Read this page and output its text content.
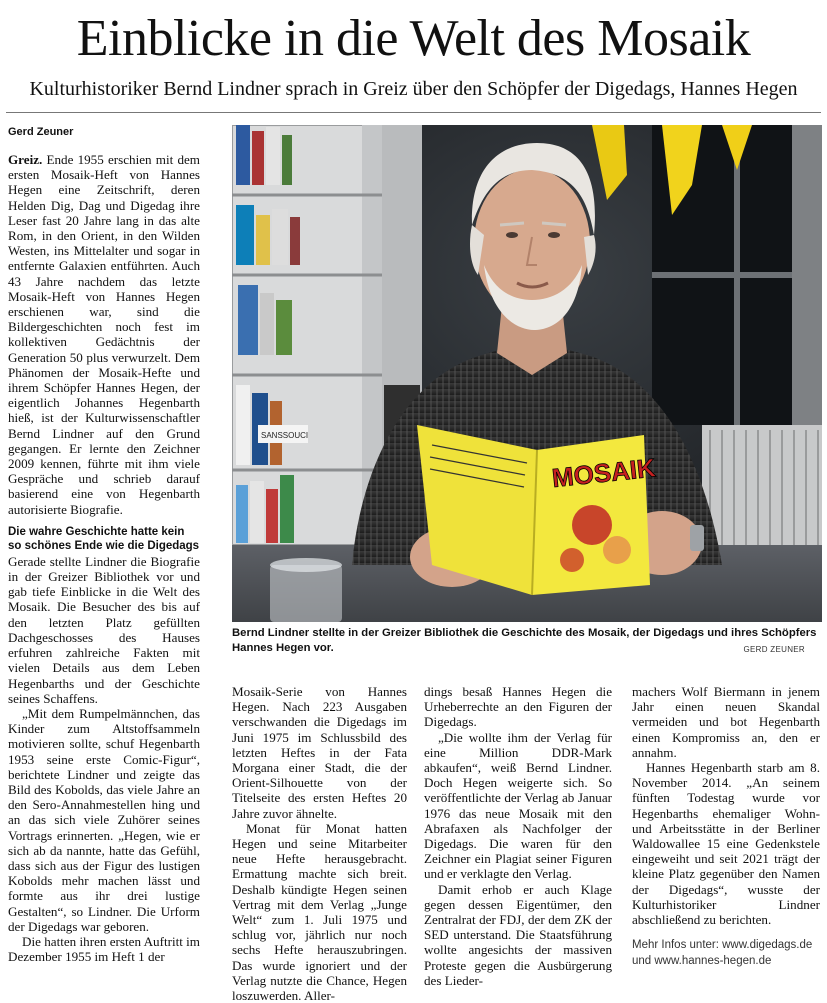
Einblicke in die Welt des Mosaik
Kulturhistoriker Bernd Lindner sprach in Greiz über den Schöpfer der Digedags, Hannes Hegen
Gerd Zeuner

Greiz. Ende 1955 erschien mit dem ersten Mosaik-Heft von Hannes Hegen eine Zeitschrift, deren Helden Dig, Dag und Digedag ihre Leser fast 20 Jahre lang in das alte Rom, in den Orient, in den Wilden Westen, ins Mittelalter und sogar in entfernte Galaxien entführten. Auch 43 Jahre nachdem das letzte Mosaik-Heft von Hannes Hegen erschienen war, sind die Bildergeschichten noch fest im kollektiven Gedächtnis der Generation 50 plus verwurzelt. Dem Phänomen der Mosaik-Hefte und ihrem Schöpfer Hannes Hegen, der eigentlich Johannes Hegenbarth hieß, ist der Kulturwissenschaftler Bernd Lindner auf den Grund gegangen. Er lernte den Zeichner 2009 kennen, führte mit ihm viele Gespräche und schrieb darauf basierend eine von Hegenbarth autorisierte Biografie.

Die wahre Geschichte hatte kein so schönes Ende wie die Digedags

Gerade stellte Lindner die Biografie in der Greizer Bibliothek vor und gab tiefe Einblicke in die Welt des Mosaik. Die Besucher des bis auf den letzten Platz gefüllten Dachgeschosses des Hauses erfuhren zahlreiche Fakten mit vielen Details aus dem Leben Hegenbarths und der Geschichte seines Schaffens.

„Mit dem Rumpelmännchen, das Kinder zum Altstoffsammeln motivieren sollte, schuf Hegenbarth 1953 seine erste Comic-Figur“, berichtete Lindner und zeigte das Bild des Kobolds, das viele Jahre an den Sero-Annahmestellen hing und an das sich viele Zuhörer seines Vortrags erinnerten. „Hegen, wie er sich ab da nannte, hatte das Gefühl, dass sich aus der Figur des lustigen Kobolds mehr machen lässt und formte aus ihr drei lustige Gestalten“, so Lindner. Die Urform der Digedags war geboren.

Die hatten ihren ersten Auftritt im Dezember 1955 im Heft 1 der

MOSAIK
SANSSOUCI
Bernd Lindner stellte in der Greizer Bibliothek die Geschichte des Mosaik, der Digedags und ihres Schöpfers Hannes Hegen vor.	GERD ZEUNER

Mosaik-Serie von Hannes Hegen. Nach 223 Ausgaben verschwanden die Digedags im Juni 1975 im Schlussbild des letzten Heftes in der Fata Morgana einer Stadt, die der Orient-Silhouette von der Titelseite des ersten Heftes 20 Jahre zuvor ähnelte.

Monat für Monat hatten Hegen und seine Mitarbeiter neue Hefte herausgebracht. Ermattung machte sich breit. Deshalb kündigte Hegen seinen Vertrag mit dem Verlag „Junge Welt“ zum 1. Juli 1975 und schlug vor, jährlich nur noch sechs Hefte herauszubringen. Das wurde ignoriert und der Verlag nutzte die Chance, Hegen loszuwerden. Aller-

dings besaß Hannes Hegen die Urheberrechte an den Figuren der Digedags.

„Die wollte ihm der Verlag für eine Million DDR-Mark abkaufen“, weiß Bernd Lindner. Doch Hegen weigerte sich. So veröffentlichte der Verlag ab Januar 1976 das neue Mosaik mit den Abrafaxen als Nachfolger der Digedags. Die waren für den Zeichner ein Plagiat seiner Figuren und er verklagte den Verlag.

Damit erhob er auch Klage gegen dessen Eigentümer, den Zentralrat der FDJ, der dem ZK der SED unterstand. Die Staatsführung wollte angesichts der massiven Proteste gegen die Ausbürgerung des Lieder-

machers Wolf Biermann in jenem Jahr einen neuen Skandal vermeiden und bot Hegenbarth einen Kompromiss an, den er annahm.

Hannes Hegenbarth starb am 8. November 2014. „An seinem fünften Todestag wurde vor Hegenbarths ehemaliger Wohn- und Arbeitsstätte in der Berliner Waldowallee 15 eine Gedenkstele eingeweiht und seit 2021 trägt der kleine Platz gegenüber den Namen der Digedags“, wusste der Kulturhistoriker Lindner abschließend zu berichten.

Mehr Infos unter: www.digedags.de
und www.hannes-hegen.de
